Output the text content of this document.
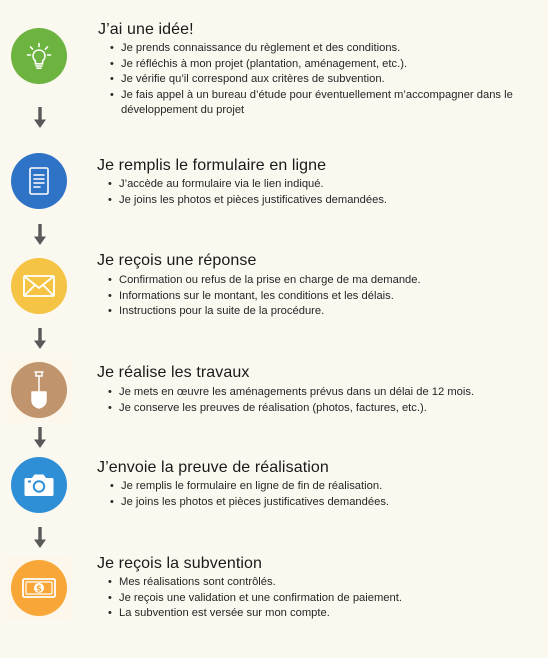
J’ai une idée!
• Je prends connaissance du règlement et des conditions.
• Je réfléchis à mon projet (plantation, aménagement, etc.).
• Je vérifie qu’il correspond aux critères de subvention.
• Je fais appel à un bureau d’étude pour éventuellement m’accompagner dans le développement du projet
Je remplis le formulaire en ligne
• J’accède au formulaire via le lien indiqué.
• Je joins les photos et pièces justificatives demandées.
Je reçois une réponse
• Confirmation ou refus de la prise en charge de ma demande.
• Informations sur le montant, les conditions et les délais.
• Instructions pour la suite de la procédure.
Je réalise les travaux
• Je mets en œuvre les aménagements prévus dans un délai de 12 mois.
• Je conserve les preuves de réalisation (photos, factures, etc.).
J’envoie la preuve de réalisation
• Je remplis le formulaire en ligne de fin de réalisation.
• Je joins les photos et pièces justificatives demandées.
$
Je reçois la subvention
• Mes réalisations sont contrôlés.
• Je reçois une validation et une confirmation de paiement.
• La subvention est versée sur mon compte.
